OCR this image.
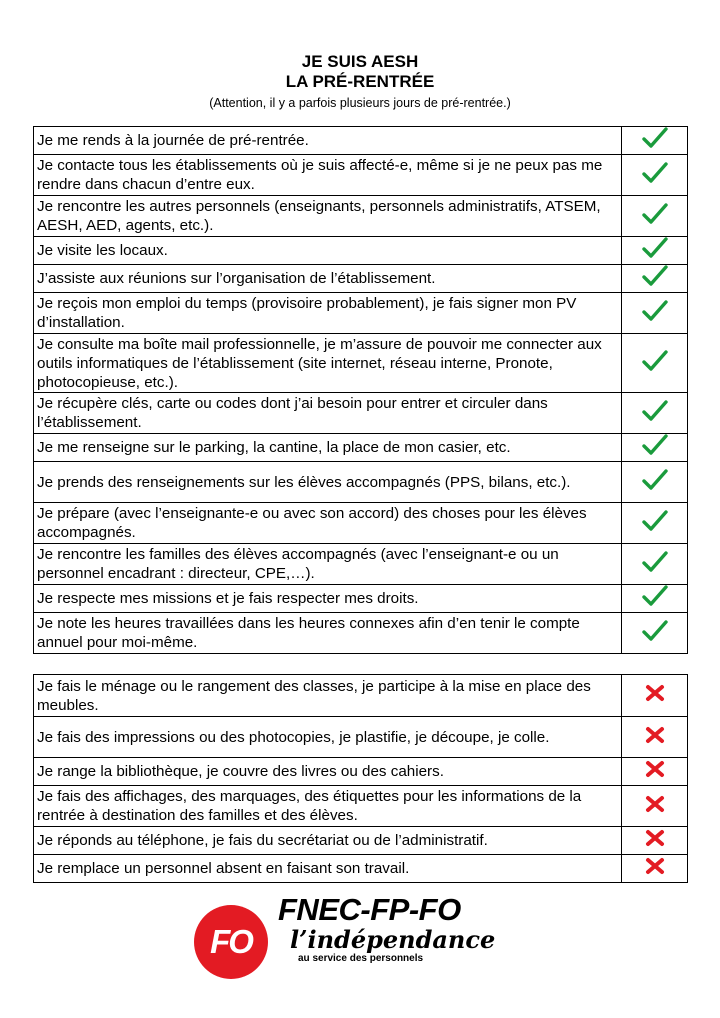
JE SUIS AESH
LA PRÉ-RENTRÉE
(Attention, il y a parfois plusieurs jours de pré-rentrée.)
Je me rends à la journée de pré-rentrée.	
Je contacte tous les établissements où je suis affecté-e, même si je ne peux pas me rendre dans chacun d’entre eux.	
Je rencontre les autres personnels (enseignants, personnels administratifs, ATSEM, AESH, AED, agents, etc.).	
Je visite les locaux.	
J’assiste aux réunions sur l’organisation de l’établissement.	
Je reçois mon emploi du temps (provisoire probablement), je fais signer mon PV d’installation.	
Je consulte ma boîte mail professionnelle, je m’assure de pouvoir me connecter aux outils informatiques de l’établissement (site internet, réseau interne, Pronote, photocopieuse, etc.).	
Je récupère clés, carte ou codes dont j’ai besoin pour entrer et circuler dans l’établissement.	
Je me renseigne sur le parking, la cantine, la place de mon casier, etc.	
Je prends des renseignements sur les élèves accompagnés (PPS, bilans, etc.).	
Je prépare (avec l’enseignante-e ou avec son accord) des choses pour les élèves accompagnés.	
Je rencontre les familles des élèves accompagnés (avec l’enseignant-e ou un personnel encadrant : directeur, CPE,…).	
Je respecte mes missions et je fais respecter mes droits.	
Je note les heures travaillées dans les heures connexes afin d’en tenir le compte annuel pour moi-même.	
Je fais le ménage ou le rangement des classes, je participe à la mise en place des meubles.	
Je fais des impressions ou des photocopies, je plastifie, je découpe, je colle.	
Je range la bibliothèque, je couvre des livres ou des cahiers.	
Je fais des affichages, des marquages, des étiquettes pour les informations de la rentrée à destination des familles et des élèves.	
Je réponds au téléphone, je fais du secrétariat ou de l’administratif.	
Je remplace un personnel absent en faisant son travail.	
FO
FNEC-FP-FO
l’indépendance
au service des personnels
